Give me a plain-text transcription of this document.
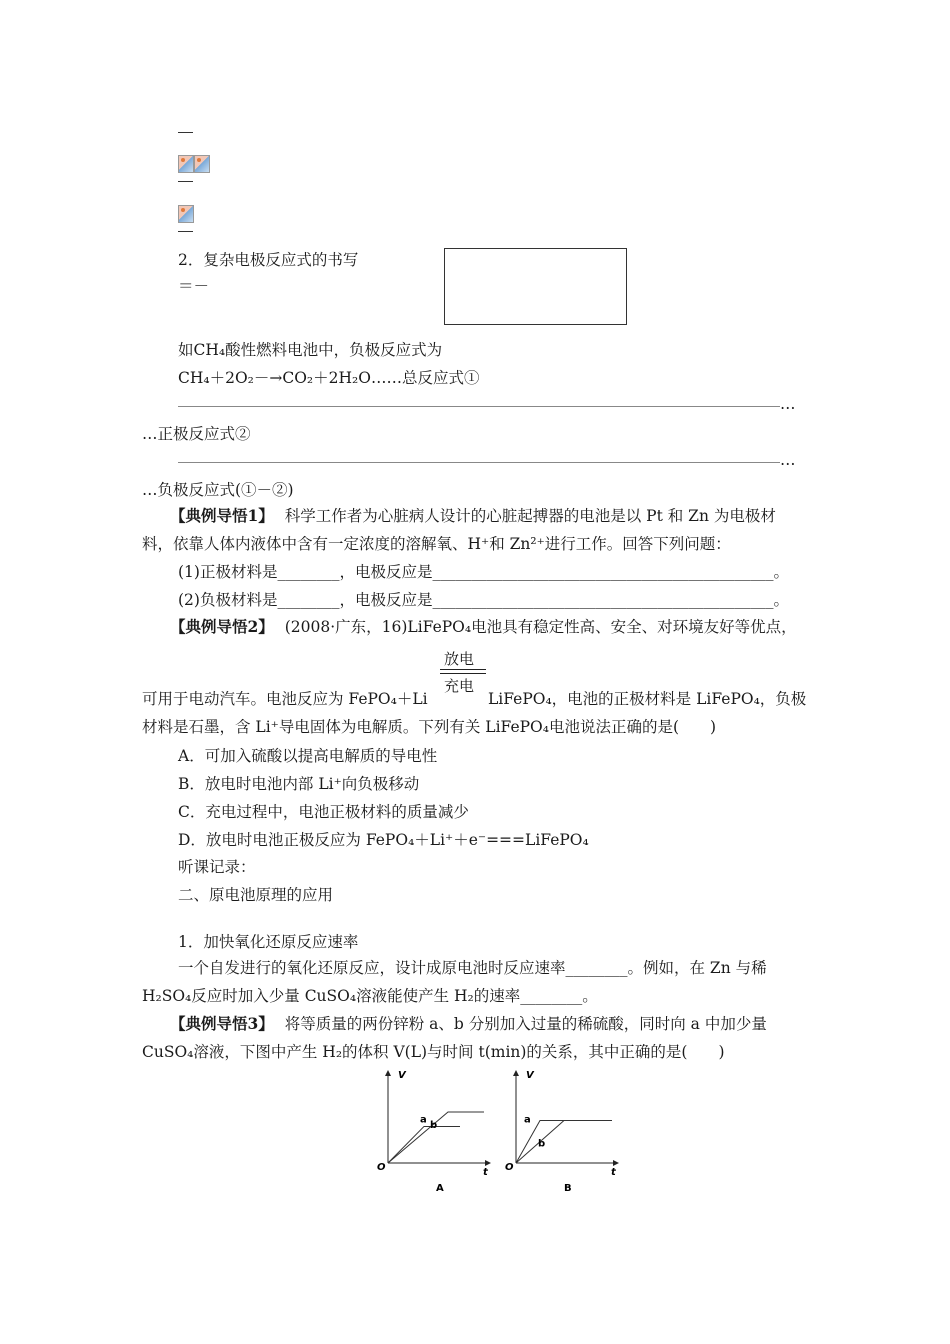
2．复杂电极反应式的书写
＝－
如CH₄酸性燃料电池中，负极反应式为
CH₄＋2O₂－→CO₂＋2H₂O……总反应式①
…
…正极反应式②
…
…负极反应式(①－②)
【典例导悟1】 科学工作者为心脏病人设计的心脏起搏器的电池是以 Pt 和 Zn 为电极材
料，依靠人体内液体中含有一定浓度的溶解氧、H⁺和 Zn²⁺进行工作。回答下列问题：
(1)正极材料是________，电极反应是____________________________________________。
(2)负极材料是________，电极反应是____________________________________________。
【典例导悟2】 (2008·广东，16)LiFePO₄电池具有稳定性高、安全、对环境友好等优点，
放电
充电
可用于电动汽车。电池反应为 FePO₄＋Li	LiFePO₄，电池的正极材料是 LiFePO₄，负极
材料是石墨，含 Li⁺导电固体为电解质。下列有关 LiFePO₄电池说法正确的是(　　)
A．可加入硫酸以提高电解质的导电性
B．放电时电池内部 Li⁺向负极移动
C．充电过程中，电池正极材料的质量减少
D．放电时电池正极反应为 FePO₄＋Li⁺＋e⁻===LiFePO₄
听课记录：
二、原电池原理的应用
1．加快氧化还原反应速率
一个自发进行的氧化还原反应，设计成原电池时反应速率________。例如，在 Zn 与稀
H₂SO₄反应时加入少量 CuSO₄溶液能使产生 H₂的速率________。
【典例导悟3】 将等质量的两份锌粉 a、b 分别加入过量的稀硫酸，同时向 a 中加少量
CuSO₄溶液，下图中产生 H₂的体积 V(L)与时间 t(min)的关系，其中正确的是(　　)
V
t
O
A
a
b
V
t
O
B
a
b
